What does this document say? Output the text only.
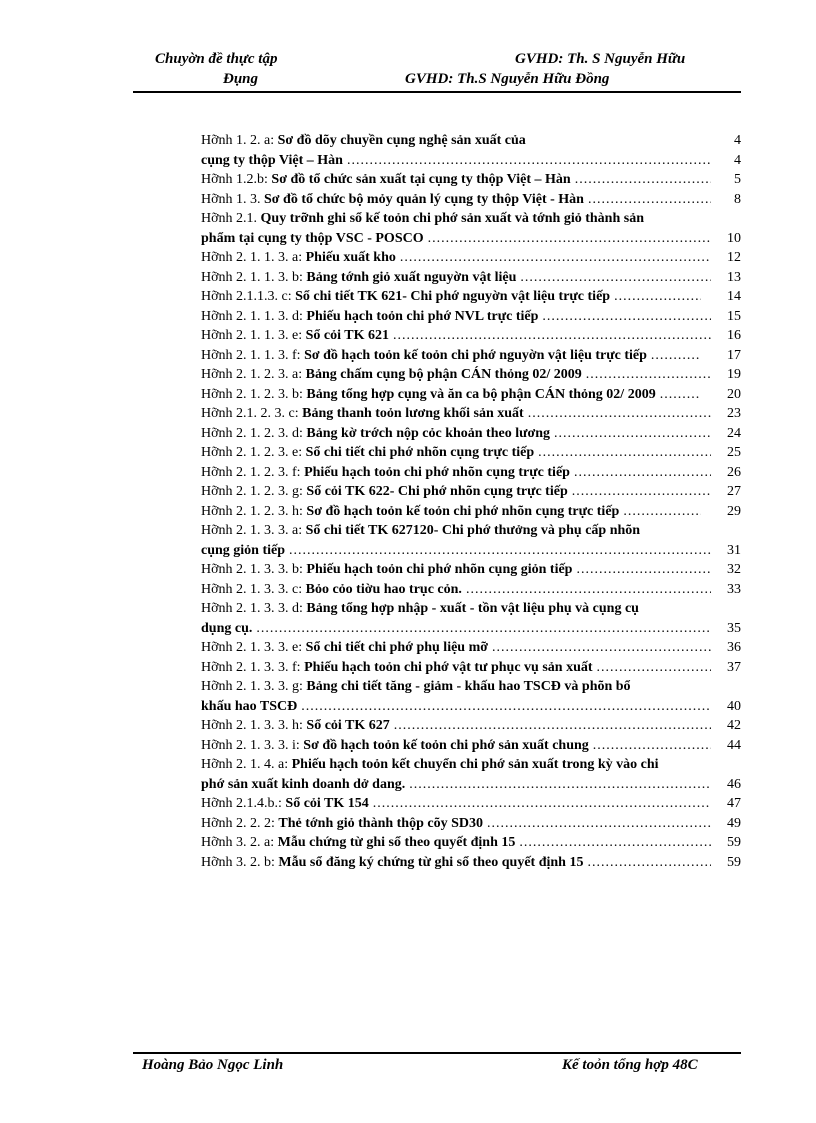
Chuyờn đề thực tập
Đụng
GVHD: Th. S Nguyễn Hữu
GVHD: Th.S Nguyễn Hữu Đồng
Hỡnh 1. 2. a: Sơ đồ dõy chuyền cụng nghệ sản xuất của	4
cụng ty thộp Việt – Hàn .....	4
Hỡnh 1.2.b: Sơ đồ tổ chức sản xuất tại cụng ty thộp Việt – Hàn .....	5
Hỡnh 1. 3. Sơ đồ tổ chức bộ mỏy quản lý cụng ty thộp Việt - Hàn .....	8
Hỡnh 2.1. Quy trỡnh ghi sổ kế toỏn chi phớ sản xuất và tớnh giỏ thành sản
phẩm tại cụng ty thộp VSC - POSCO .....	10
Hỡnh 2. 1. 1. 3. a: Phiếu xuất kho .....	12
Hỡnh 2. 1. 1. 3. b: Bảng tớnh giỏ xuất nguyờn vật liệu .....	13
Hỡnh 2.1.1.3. c: Sổ chi tiết TK 621- Chi phớ nguyờn vật liệu trực tiếp .....	14
Hỡnh 2. 1. 1. 3. d: Phiếu hạch toỏn chi phớ NVL trực tiếp .....	15
Hỡnh 2. 1. 1. 3. e: Sổ cỏi TK 621 .....	16
Hỡnh 2. 1. 1. 3. f: Sơ đồ hạch toỏn kế toỏn chi phớ nguyờn vật liệu trực tiếp .....	17
Hỡnh 2. 1. 2. 3. a: Bảng chấm cụng bộ phận CÁN thỏng 02/ 2009 .....	19
Hỡnh 2. 1. 2. 3. b: Bảng tổng hợp cụng và ăn ca bộ phận CÁN thỏng 02/ 2009 .....	20
Hỡnh 2.1. 2. 3. c: Bảng thanh toỏn lương khối sản xuất .....	23
Hỡnh 2. 1. 2. 3. d: Bảng kờ trớch nộp cỏc khoản theo lương .....	24
Hỡnh 2. 1. 2. 3. e: Sổ chi tiết chi phớ nhõn cụng trực tiếp .....	25
Hỡnh 2. 1. 2. 3. f: Phiếu hạch toỏn chi phớ nhõn cụng trực tiếp .....	26
Hỡnh 2. 1. 2. 3. g: Sổ cỏi TK 622- Chi phớ nhõn cụng trực tiếp .....	27
Hỡnh 2. 1. 2. 3. h: Sơ đồ hạch toỏn kế toỏn chi phớ nhõn cụng trực tiếp .....	29
Hỡnh 2. 1. 3. 3. a: Sổ chi tiết TK 627120- Chi phớ thưởng và phụ cấp nhõn
cụng giỏn tiếp .....	31
Hỡnh 2. 1. 3. 3. b: Phiếu hạch toỏn chi phớ nhõn cụng giỏn tiếp .....	32
Hỡnh 2. 1. 3. 3. c: Bỏo cỏo tiờu hao trục cỏn. .....	33
Hỡnh 2. 1. 3. 3. d: Bảng tổng hợp nhập - xuất - tồn vật liệu phụ và cụng cụ
dụng cụ. .....	35
Hỡnh 2. 1. 3. 3. e: Sổ chi tiết chi phớ phụ liệu mỡ .....	36
Hỡnh 2. 1. 3. 3. f: Phiếu hạch toỏn chi phớ vật tư phục vụ sản xuất .....	37
Hỡnh 2. 1. 3. 3. g: Bảng chi tiết tăng - giảm - khấu hao TSCĐ và phõn bổ
khấu hao TSCĐ .....	40
Hỡnh 2. 1. 3. 3. h: Sổ cỏi TK 627 .....	42
Hỡnh 2. 1. 3. 3. i: Sơ đồ hạch toỏn kế toỏn chi phớ sản xuất chung .....	44
Hỡnh 2. 1. 4. a: Phiếu hạch toỏn kết chuyển chi phớ sản xuất trong kỳ vào chi
phớ sản xuất kinh doanh dở dang. .....	46
Hỡnh 2.1.4.b.: Sổ cỏi TK 154 .....	47
Hỡnh 2. 2. 2: Thẻ tớnh giỏ thành thộp cõy SD30 .....	49
Hỡnh 3. 2. a: Mẫu chứng từ ghi sổ theo quyết định 15 .....	59
Hỡnh 3. 2. b: Mẫu sổ đăng ký chứng từ ghi sổ theo quyết định 15 .....	59
Hoàng Bảo Ngọc Linh	Kế toỏn tổng hợp 48C
